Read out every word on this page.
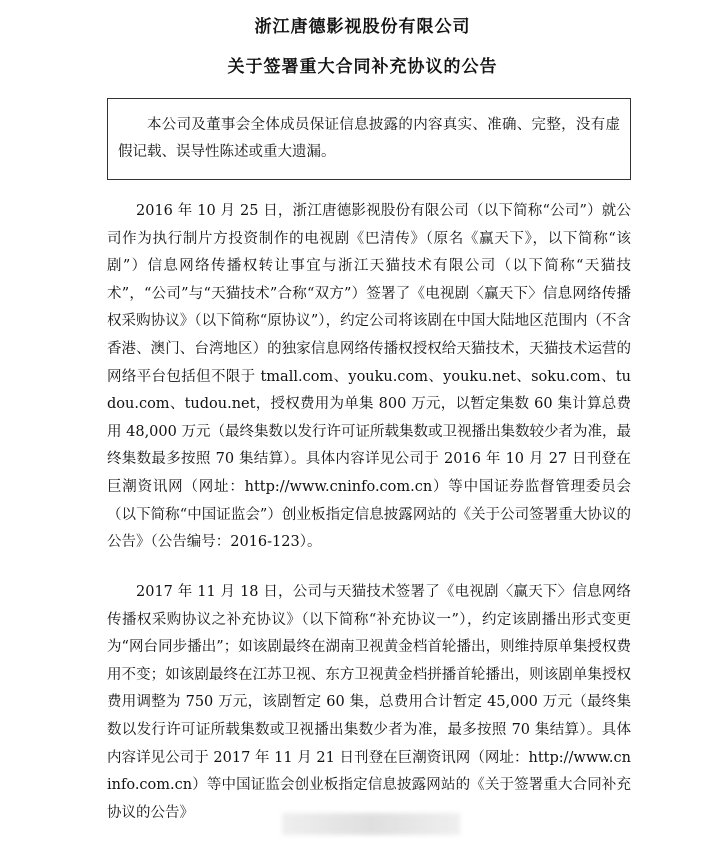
浙江唐德影视股份有限公司
关于签署重大合同补充协议的公告
本公司及董事会全体成员保证信息披露的内容真实、准确、完整，没有虚假记载、误导性陈述或重大遗漏。
2016 年 10 月 25 日，浙江唐德影视股份有限公司（以下简称“公司”）就公司作为执行制片方投资制作的电视剧《巴清传》（原名《赢天下》，以下简称“该剧”）信息网络传播权转让事宜与浙江天猫技术有限公司（以下简称“天猫技术”，“公司”与“天猫技术”合称“双方”）签署了《电视剧〈赢天下〉信息网络传播权采购协议》（以下简称“原协议”），约定公司将该剧在中国大陆地区范围内（不含香港、澳门、台湾地区）的独家信息网络传播权授权给天猫技术，天猫技术运营的网络平台包括但不限于 tmall.com、youku.com、youku.net、soku.com、tudou.com、tudou.net，授权费用为单集 800 万元，以暂定集数 60 集计算总费用 48,000 万元（最终集数以发行许可证所载集数或卫视播出集数较少者为准，最终集数最多按照 70 集结算）。具体内容详见公司于 2016 年 10 月 27 日刊登在巨潮资讯网（网址：http://www.cninfo.com.cn）等中国证券监督管理委员会（以下简称“中国证监会”）创业板指定信息披露网站的《关于公司签署重大协议的公告》（公告编号：2016-123）。
2017 年 11 月 18 日，公司与天猫技术签署了《电视剧〈赢天下〉信息网络传播权采购协议之补充协议》（以下简称“补充协议一”），约定该剧播出形式变更为“网台同步播出”；如该剧最终在湖南卫视黄金档首轮播出，则维持原单集授权费用不变；如该剧最终在江苏卫视、东方卫视黄金档拼播首轮播出，则该剧单集授权费用调整为 750 万元，该剧暂定 60 集，总费用合计暂定 45,000 万元（最终集数以发行许可证所载集数或卫视播出集数少者为准，最多按照 70 集结算）。具体内容详见公司于 2017 年 11 月 21 日刊登在巨潮资讯网（网址：http://www.cninfo.com.cn）等中国证监会创业板指定信息披露网站的《关于签署重大合同补充协议的公告》
